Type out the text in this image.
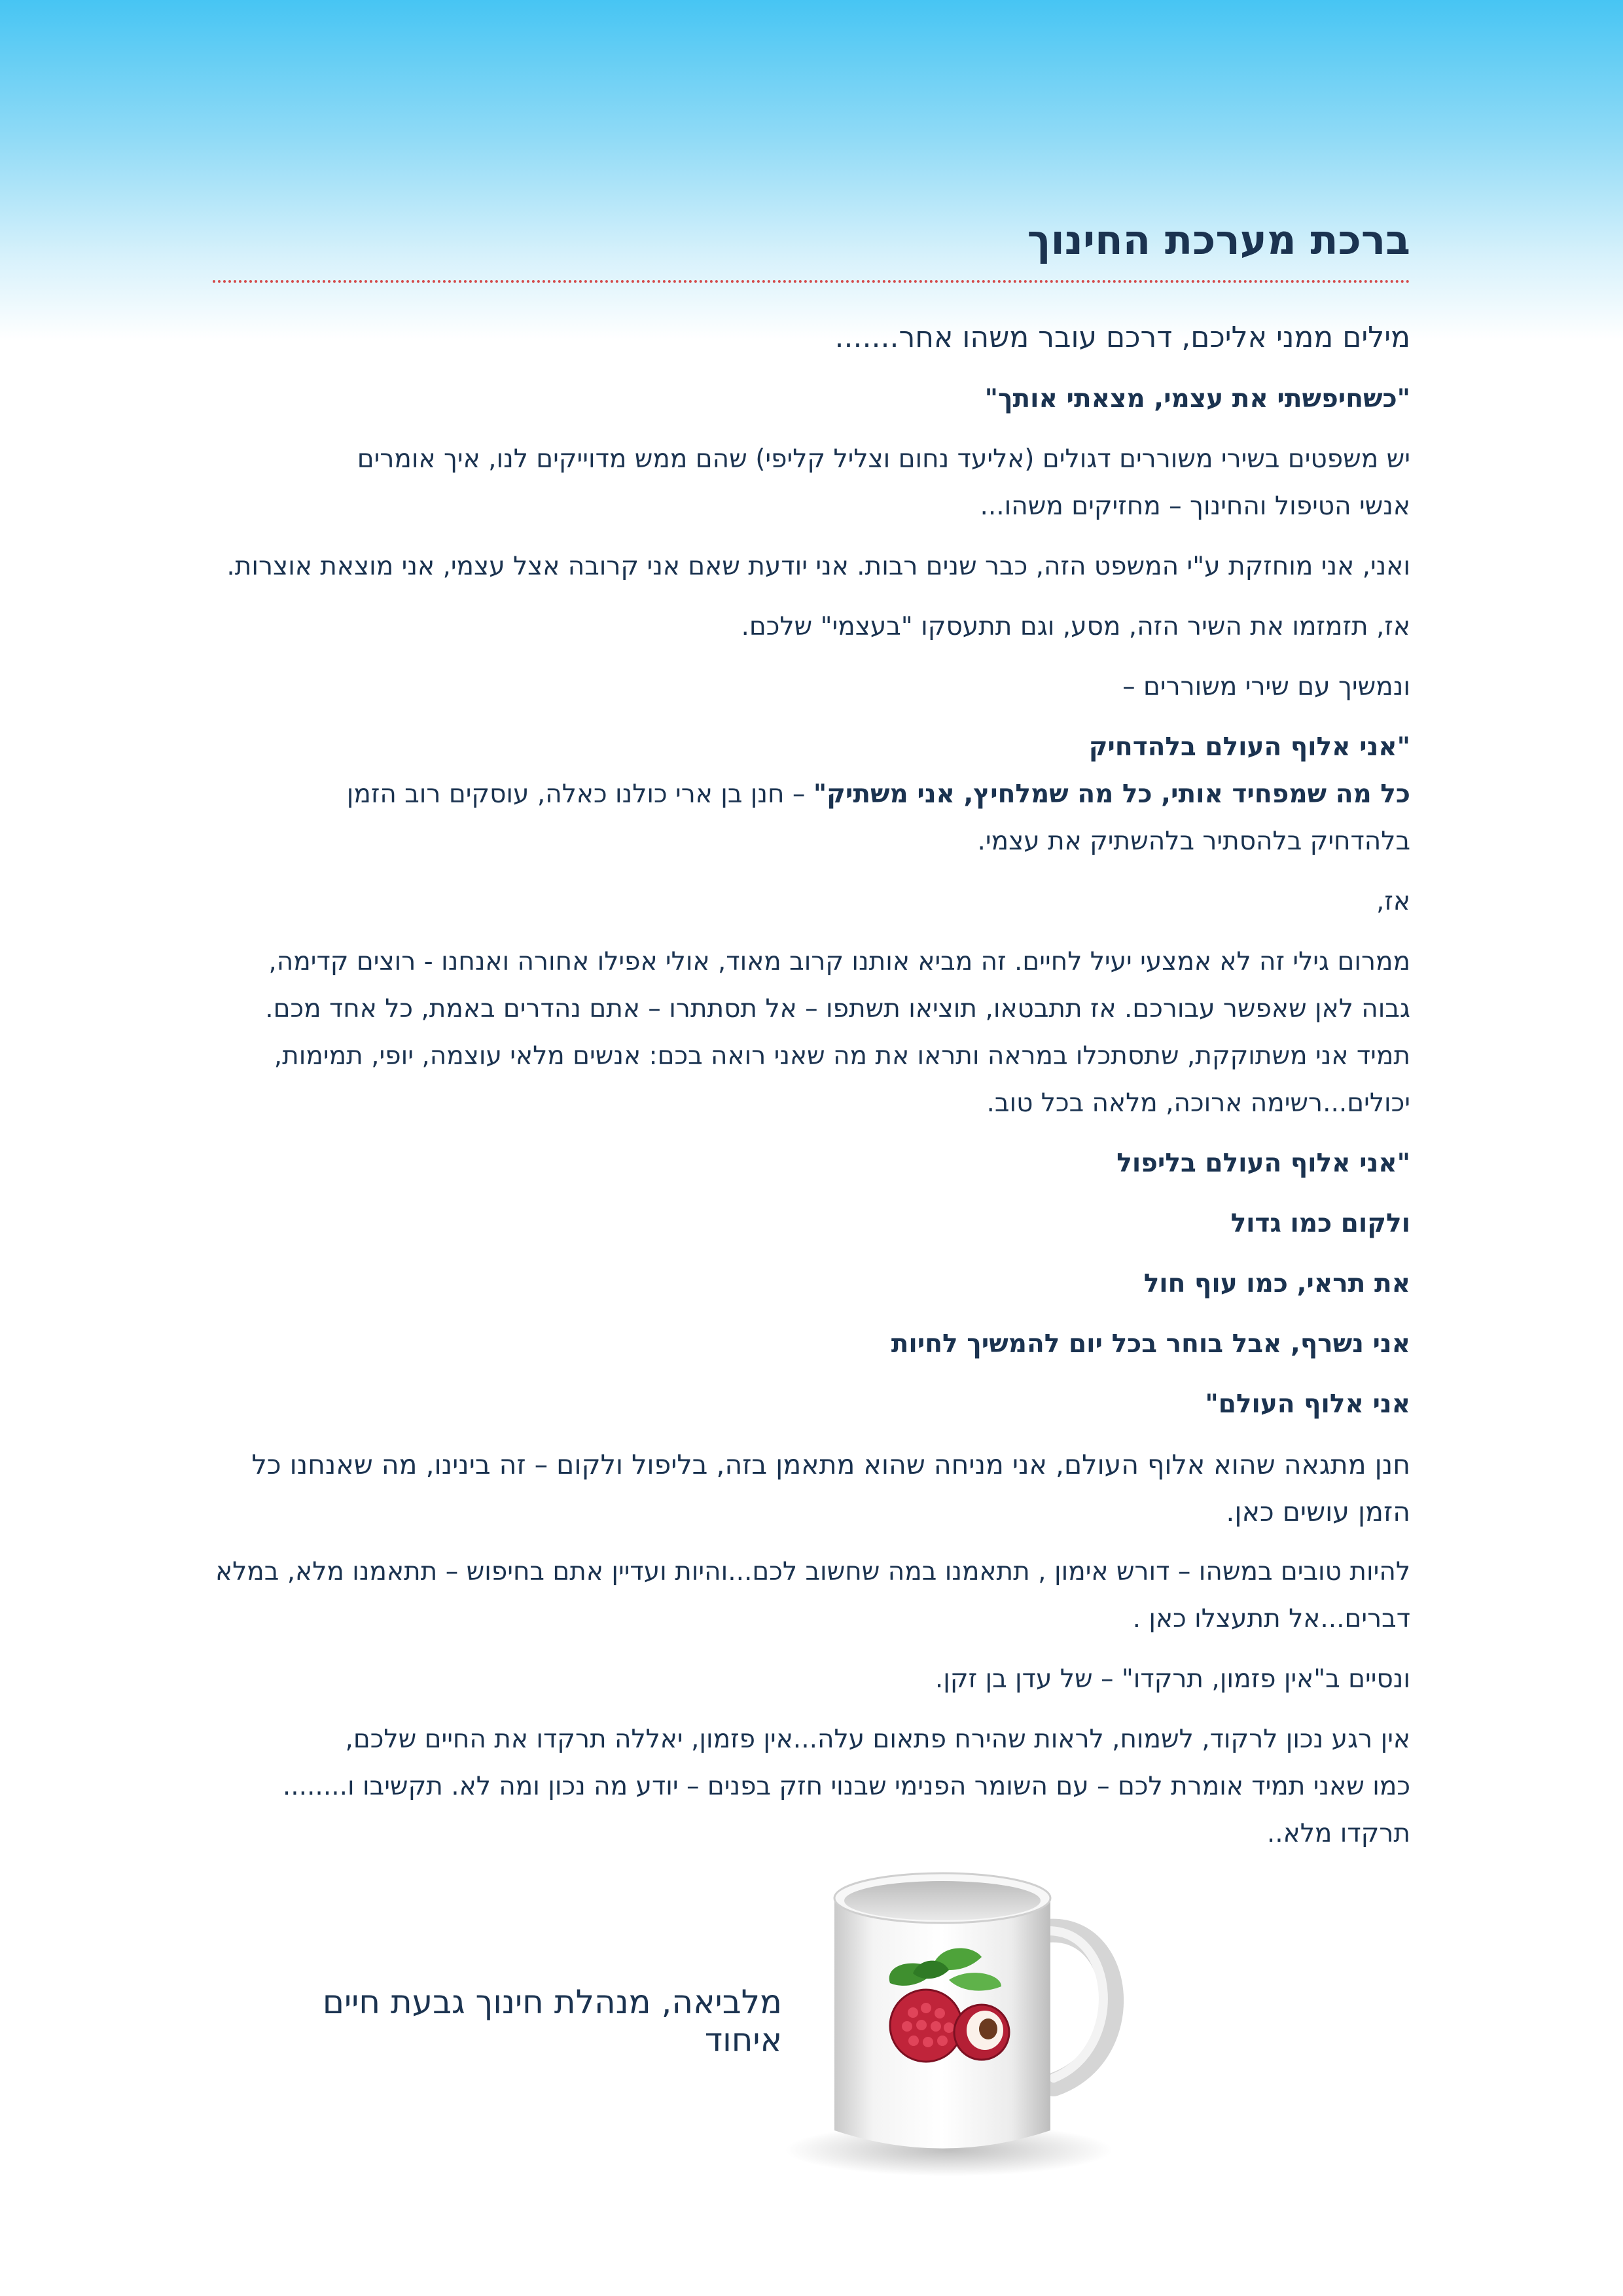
ברכת מערכת החינוך

מילים ממני אליכם, דרכם עובר משהו אחר.......

"כשחיפשתי את עצמי, מצאתי אותך"

יש משפטים בשירי משוררים דגולים (אליעד נחום וצליל קליפי) שהם ממש מדוייקים לנו, איך אומרים

אנשי הטיפול והחינוך – מחזיקים משהו...

ואני, אני מוחזקת ע"י המשפט הזה, כבר שנים רבות. אני יודעת שאם אני קרובה אצל עצמי, אני מוצאת אוצרות.

אז, תזמזמו את השיר הזה, מסע, וגם תתעסקו "בעצמי" שלכם.

ונמשיך עם שירי משוררים –

"אני אלוף העולם בלהדחיק

כל מה שמפחיד אותי, כל מה שמלחיץ, אני משתיק" – חנן בן ארי כולנו כאלה, עוסקים רוב הזמן

בלהדחיק בלהסתיר בלהשתיק את עצמי.

אז,

ממרום גילי זה לא אמצעי יעיל לחיים. זה מביא אותנו קרוב מאוד, אולי אפילו אחורה ואנחנו - רוצים קדימה, גבוה לאן שאפשר עבורכם. אז תתבטאו, תוציאו תשתפו – אל תסתתרו – אתם נהדרים באמת, כל אחד מכם. תמיד אני משתוקקת, שתסתכלו במראה ותראו את מה שאני רואה בכם: אנשים מלאי עוצמה, יופי, תמימות, יכולים...רשימה ארוכה, מלאה בכל טוב.

"אני אלוף העולם בליפול

ולקום כמו גדול

את תראי, כמו עוף חול

אני נשרף, אבל בוחר בכל יום להמשיך לחיות

אני אלוף העולם"

חנן מתגאה שהוא אלוף העולם, אני מניחה שהוא מתאמן בזה, בליפול ולקום – זה בינינו, מה שאנחנו כל הזמן עושים כאן.

להיות טובים במשהו – דורש אימון , תתאמנו במה שחשוב לכם...והיות ועדיין אתם בחיפוש – תתאמנו מלא, במלא דברים...אל תתעצלו כאן .

ונסיים ב"אין פזמון, תרקדו" – של עדן בן זקן.

אין רגע נכון לרקוד, לשמוח, לראות שהירח פתאום עלה...אין פזמון, יאללה תרקדו את החיים שלכם,

כמו שאני תמיד אומרת לכם – עם השומר הפנימי שבנוי חזק בפנים – יודע מה נכון ומה לא. תקשיבו ו........

תרקדו מלא..

מלביאה, מנהלת חינוך גבעת חיים איחוד
